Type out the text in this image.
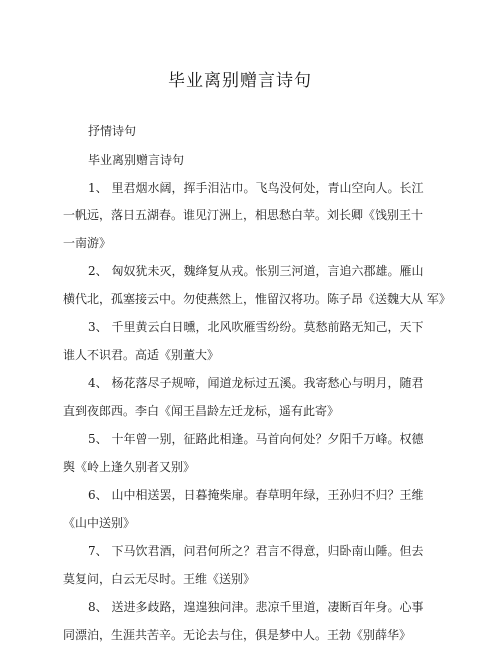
毕业离别赠言诗句
抒情诗句
毕业离别赠言诗句
1、 里君烟水阔，挥手泪沾巾。飞鸟没何处，青山空向人。长江
一帆远，落日五湖春。谁见汀洲上，相思愁白苹。刘长卿《饯别王十
一南游》
2、 匈奴犹未灭，魏绛复从戎。怅别三河道，言追六郡雄。雁山
横代北，孤塞接云中。勿使燕然上，惟留汉将功。陈子昂《送魏大从 军》
3、 千里黄云白日曛，北风吹雁雪纷纷。莫愁前路无知己，天下
谁人不识君。高适《别董大》
4、 杨花落尽子规啼，闻道龙标过五溪。我寄愁心与明月，随君
直到夜郎西。李白《闻王昌龄左迁龙标，遥有此寄》
5、 十年曾一别，征路此相逢。马首向何处？夕阳千万峰。权德
舆《岭上逢久别者又别》
6、 山中相送罢，日暮掩柴扉。春草明年绿，王孙归不归？王维
《山中送别》
7、 下马饮君酒，问君何所之？君言不得意，归卧南山陲。但去
莫复问，白云无尽时。王维《送别》
8、 送进多歧路，遑遑独问津。悲凉千里道，凄断百年身。心事
同漂泊，生涯共苦辛。无论去与住，俱是梦中人。王勃《别薛华》
